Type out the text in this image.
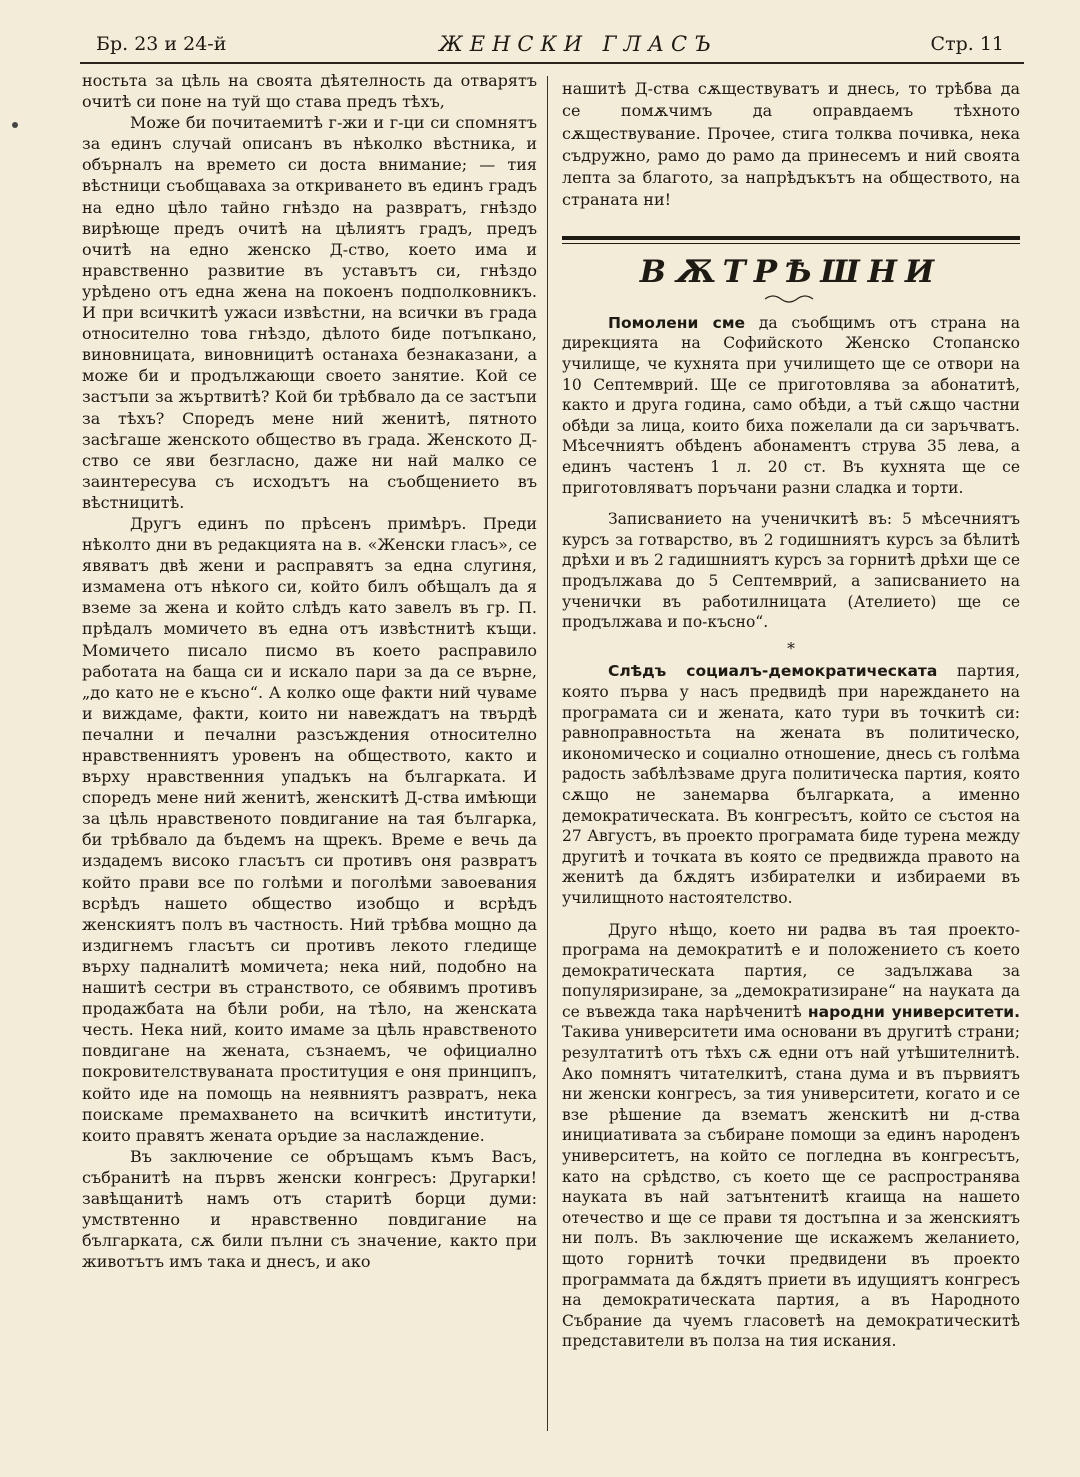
Бр. 23 и 24-й	ЖЕНСКИ ГЛАСЪ	Стр. 11

ностьта за цѣль на своята дѣятелность да отварятъ очитѣ си поне на туй що става предъ тѣхъ,

Може би почитаемитѣ г-жи и г-ци си спомнятъ за единъ случай описанъ въ нѣколко вѣстника, и обърналъ на времето си доста внимание; — тия вѣстници съобщаваха за откриването въ единъ градъ на едно цѣло тайно гнѣздо на развратъ, гнѣздо вирѣюще предъ очитѣ на цѣлиятъ градъ, предъ очитѣ на едно женско Д-ство, което има и нравственно развитие въ уставътъ си, гнѣздо урѣдено отъ една жена на покоенъ подполковникъ. И при всичкитѣ ужаси извѣстни, на всички въ града относително това гнѣздо, дѣлото биде потъпкано, виновницата, виновницитѣ останаха безнаказани, а може би и продължающи своето занятие. Кой се застъпи за жъртвитѣ? Кой би трѣбвало да се застъпи за тѣхъ? Споредъ мене ний женитѣ, пятното засѣгаше женското общество въ града. Женското Д-ство се яви безгласно, даже ни най малко се заинтересува съ исходътъ на съобщението въ вѣстницитѣ.

Другъ единъ по прѣсенъ примѣръ. Преди нѣколто дни въ редакцията на в. «Женски гласъ», се явяватъ двѣ жени и расправятъ за една слугиня, измамена отъ нѣкого си, който билъ обѣщалъ да я вземе за жена и който слѣдъ като завелъ въ гр. П. прѣдалъ момичето въ една отъ извѣстнитѣ къщи. Момичето писало писмо въ което расправило работата на баща си и искало пари за да се върне, „до като не е късно“. А колко още факти ний чуваме и виждаме, факти, които ни навеждатъ на твърдѣ печални и печални разсъждения относително нравственниятъ уровенъ на обществото, както и върху нравственния упадъкъ на българката. И споредъ мене ний женитѣ, женскитѣ Д-ства имѣющи за цѣль нравственото повдигание на тая българка, би трѣбвало да бъдемъ на щрекъ. Време е вечь да издадемъ високо гласътъ си противъ оня развратъ който прави все по голѣми и поголѣми завоевания всрѣдъ нашето общество изобщо и всрѣдъ женскиятъ полъ въ частность. Ний трѣбва мощно да издигнемъ гласътъ си противъ лекото гледище върху падналитѣ момичета; нека ний, подобно на нашитѣ сестри въ странството, се обявимъ противъ продажбата на бѣли роби, на тѣло, на женската честь. Нека ний, които имаме за цѣль нравственото повдигане на жената, съзнаемъ, че официално покровителствуваната проституция е оня принципъ, който иде на помощь на неявниятъ развратъ, нека поискаме премахването на всичкитѣ институти, които правятъ жената оръдие за наслаждение.

Въ заключение се обръщамъ къмъ Васъ, събранитѣ на първъ женски конгресъ: Другарки! завѣщанитѣ намъ отъ старитѣ борци думи: умствтенно и нравственно повдигание на българката, сѫ били пълни съ значение, както при животътъ имъ така и днесъ, и ако

нашитѣ Д-ства сѫществуватъ и днесь, то трѣбва да се помѫчимъ да оправдаемъ тѣхното сѫществувание. Прочее, стига толква почивка, нека съдружно, рамо до рамо да принесемъ и ний своята лепта за благото, за напрѣдъкътъ на обществото, на страната ни!

ВѪТРѢШНИ

Помолени сме да съобщимъ отъ страна на дирекцията на Софийското Женско Стопанско училище, че кухнята при училището ще се отвори на 10 Септемврий. Ще се приготовлява за абонатитѣ, както и друга година, само обѣди, а тъй сѫщо частни обѣди за лица, които биха пожелали да си заръчватъ. Мѣсечниятъ обѣденъ абонаментъ струва 35 лева, а единъ частенъ 1 л. 20 ст. Въ кухнята ще се приготовляватъ поръчани разни сладка и торти.

Записванието на ученичкитѣ въ: 5 мѣсечниятъ курсъ за готварство, въ 2 годишниятъ курсъ за бѣлитѣ дрѣхи и въ 2 гадишниятъ курсъ за горнитѣ дрѣхи ще се продължава до 5 Септемврий, а записванието на ученички въ работилницата (Ателието) ще се продължава и по-късно“.

*

Слѣдъ социалъ-демократическата партия, която първа у насъ предвидѣ при нареждането на програмата си и жената, като тури въ точкитѣ си: равноправностьта на жената въ политическо, икономическо и социално отношение, днесь съ голѣма радость забѣлѣзваме друга политическа партия, която сѫщо не занемарва българката, а именно демократическата. Въ конгресътъ, който се състоя на 27 Августъ, въ проекто програмата биде турена между другитѣ и точката въ която се предвижда правото на женитѣ да бѫдятъ избирателки и избираеми въ училищното настоятелство.

Друго нѣщо, което ни радва въ тая проекто-програма на демократитѣ е и положението съ което демократическата партия, се задължава за популяризиране, за „демократизиране“ на науката да се въвежда така нарѣченитѣ народни университети. Такива университети има основани въ другитѣ страни; резултатитѣ отъ тѣхъ сѫ едни отъ най утѣшителнитѣ. Ако помнятъ читателкитѣ, стана дума и въ първиятъ ни женски конгресъ, за тия университети, когато и се взе рѣшение да взематъ женскитѣ ни д-ства инициативата за събиране помощи за единъ народенъ университетъ, на който се погледна въ конгресътъ, като на срѣдство, съ което ще се распространява науката въ най затънтенитѣ кraища на нашето отечество и ще се прави тя достъпна и за женскиятъ ни полъ. Въ заключение ще искажемъ желанието, щото горнитѣ точки предвидени въ проекто программата да бѫдятъ приети въ идущиятъ конгресъ на демократическата партия, а въ Народното Събрание да чуемъ гласоветѣ на демократическитѣ представители въ полза на тия искания.
